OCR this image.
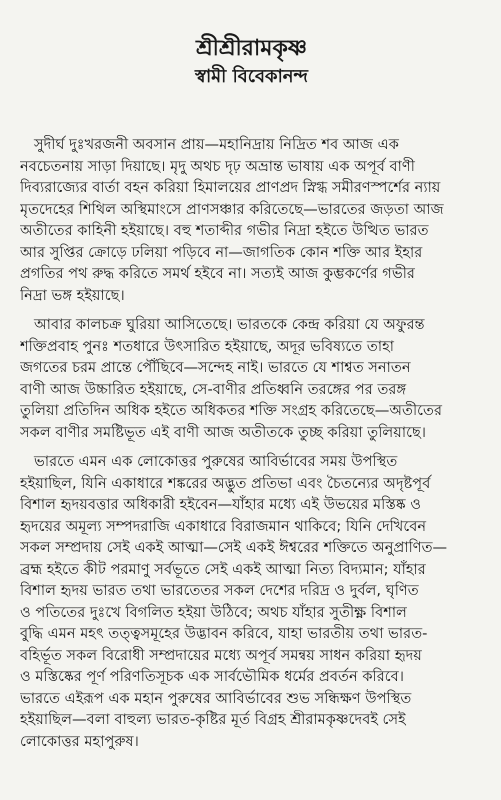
শ্রীশ্রীরামকৃষ্ণ
স্বামী বিবেকানন্দ

সুদীর্ঘ দুঃখরজনী অবসান প্রায়—মহানিদ্রায় নিদ্রিত শব আজ এক
নবচেতনায় সাড়া দিয়াছে। মৃদু অথচ দৃঢ় অভ্রান্ত ভাষায় এক অপূর্ব বাণী
দিব্যরাজ্যের বার্তা বহন করিয়া হিমালয়ের প্রাণপ্রদ স্নিগ্ধ সমীরণস্পর্শের ন্যায়
মৃতদেহের শিথিল অস্থিমাংসে প্রাণসঞ্চার করিতেছে—ভারতের জড়তা আজ
অতীতের কাহিনী হইয়াছে। বহু শতাব্দীর গভীর নিদ্রা হইতে উত্থিত ভারত
আর সুপ্তির ক্রোড়ে ঢলিয়া পড়িবে না—জাগতিক কোন শক্তি আর ইহার
প্রগতির পথ রুদ্ধ করিতে সমর্থ হইবে না। সত্যই আজ কুম্ভকর্ণের গভীর
নিদ্রা ভঙ্গ হইয়াছে।

আবার কালচক্র ঘুরিয়া আসিতেছে। ভারতকে কেন্দ্র করিয়া যে অফুরন্ত
শক্তিপ্রবাহ পুনঃ শতধারে উৎসারিত হইয়াছে, অদূর ভবিষ্যতে তাহা
জগতের চরম প্রান্তে পৌঁছিবে—সন্দেহ নাই। ভারতে যে শাশ্বত সনাতন
বাণী আজ উচ্চারিত হইয়াছে, সে-বাণীর প্রতিধ্বনি তরঙ্গের পর তরঙ্গ
তুলিয়া প্রতিদিন অধিক হইতে অধিকতর শক্তি সংগ্রহ করিতেছে—অতীতের
সকল বাণীর সমষ্টিভূত এই বাণী আজ অতীতকে তুচ্ছ করিয়া তুলিয়াছে।

ভারতে এমন এক লোকোত্তর পুরুষের আবির্ভাবের সময় উপস্থিত
হইয়াছিল, যিনি একাধারে শঙ্করের অদ্ভুত প্রতিভা এবং চৈতন্যের অদৃষ্টপূর্ব
বিশাল হৃদয়বত্তার অধিকারী হইবেন—যাঁহার মধ্যে এই উভয়ের মস্তিষ্ক ও
হৃদয়ের অমূল্য সম্পদরাজি একাধারে বিরাজমান থাকিবে; যিনি দেখিবেন
সকল সম্প্রদায় সেই একই আত্মা—সেই একই ঈশ্বরের শক্তিতে অনুপ্রাণিত—
ব্রহ্ম হইতে কীট পরমাণু সর্বভূতে সেই একই আত্মা নিত্য বিদ্যমান; যাঁহার
বিশাল হৃদয় ভারত তথা ভারতেতর সকল দেশের দরিদ্র ও দুর্বল, ঘৃণিত
ও পতিতের দুঃখে বিগলিত হইয়া উঠিবে; অথচ যাঁহার সুতীক্ষ্ণ বিশাল
বুদ্ধি এমন মহৎ তত্ত্বসমূহের উদ্ভাবন করিবে, যাহা ভারতীয় তথা ভারত-
বহির্ভূত সকল বিরোধী সম্প্রদায়ের মধ্যে অপূর্ব সমন্বয় সাধন করিয়া হৃদয়
ও মস্তিষ্কের পূর্ণ পরিণতিসূচক এক সার্বভৌমিক ধর্মের প্রবর্তন করিবে।
ভারতে এইরূপ এক মহান পুরুষের আবির্ভাবের শুভ সন্ধিক্ষণ উপস্থিত
হইয়াছিল—বলা বাহুল্য ভারত-কৃষ্টির মূর্ত বিগ্রহ শ্রীরামকৃষ্ণদেবই সেই
লোকোত্তর মহাপুরুষ।
